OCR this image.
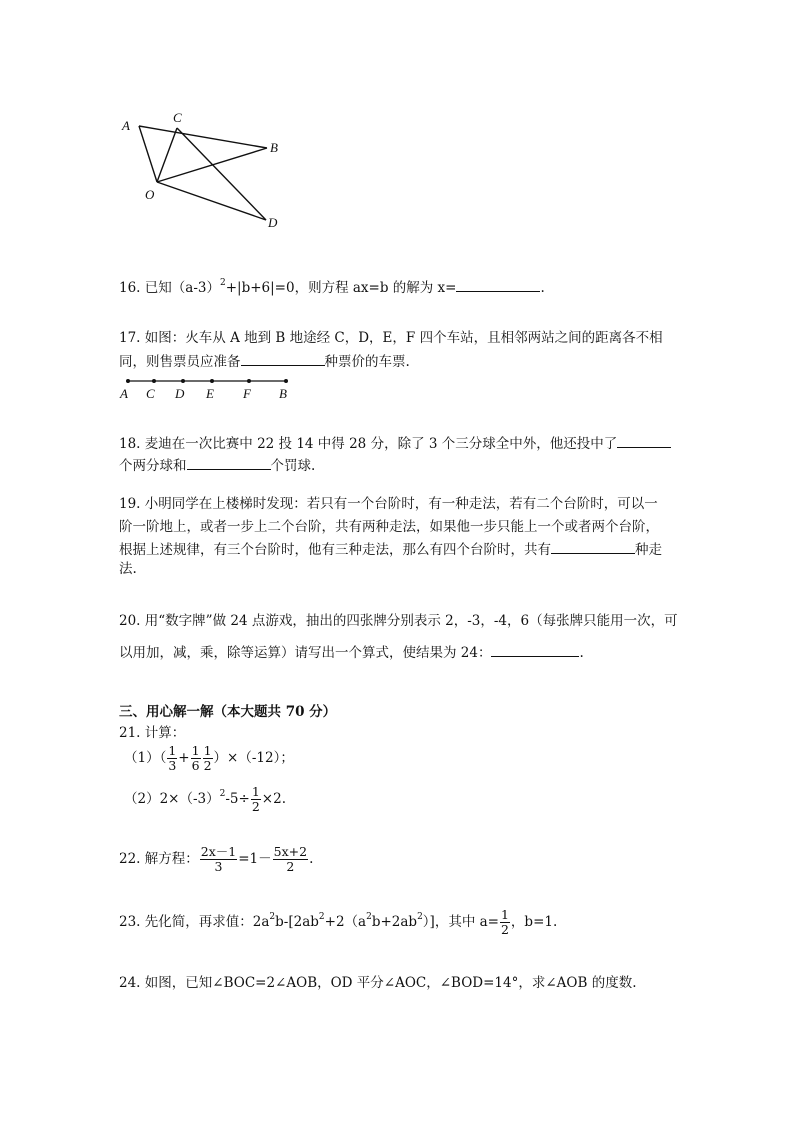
A
C
B
O
D
16. 已知$(a-3)^2+|b+6|=0$，则方程 ax=b 的解为 x=	.
17. 如图：火车从 A 地到 B 地途经 C，D，E，F 四个车站，且相邻两站之间的距离各不相
同，则售票员应准备	种票价的车票.
A C D E F B
18. 麦迪在一次比赛中 22 投 14 中得 28 分，除了 3 个三分球全中外，他还投中了
个两分球和	个罚球.
19. 小明同学在上楼梯时发现：若只有一个台阶时，有一种走法，若有二个台阶时，可以一
阶一阶地上，或者一步上二个台阶，共有两种走法，如果他一步只能上一个或者两个台阶，
根据上述规律，有三个台阶时，他有三种走法，那么有四个台阶时，共有	种走
法.
20. 用“数字牌”做 24 点游戏，抽出的四张牌分别表示 2，-3，-4，6（每张牌只能用一次，可
以用加，减，乘，除等运算）请写出一个算式，使结果为 24：	.
三、用心解一解（本大题共 70 分）
21. 计算：
$(1)( \frac{1}{3} + \frac{1}{6} \frac{1}{2} )\times(-12)$；
$(2)2\times(-3)^2-5\div \frac{1}{2} \times 2$.
22. 解方程： $\frac{2x-1}{3} =1- \frac{5x+2}{2}$ .
23. 先化简，再求值：$2a^2b-[2ab^2+2(a^2b+2ab^2)]$，其中 $a= \frac{1}{2}$ ，b=1.
24. 如图，已知∠BOC=2∠AOB，OD 平分∠AOC，∠BOD=14°，求∠AOB 的度数.
